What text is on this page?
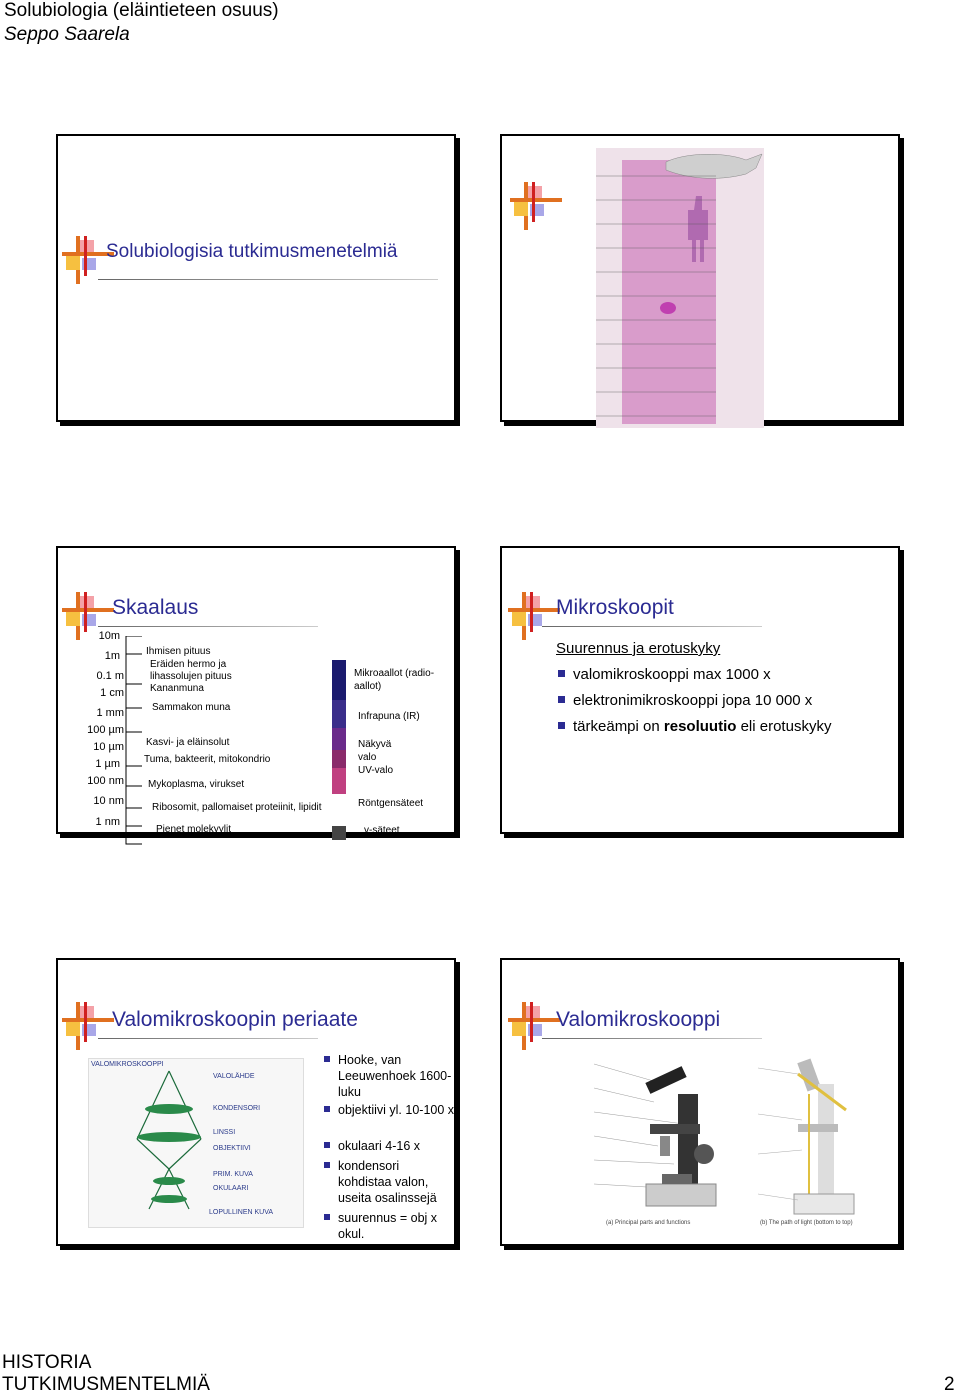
Solubiologia (eläintieteen osuus)
Seppo Saarela
Solubiologisia tutkimusmenetelmiä
Skaalaus
10m
1m
0.1 m
1 cm
1 mm
100 µm
10 µm
1 µm
100 nm
10 nm
1 nm
Ihmisen pituus
Eräiden hermo ja
lihassolujen pituus
Kananmuna
Sammakon muna
Kasvi- ja eläinsolut
Tuma, bakteerit, mitokondrio
Mykoplasma, virukset
Ribosomit, pallomaiset proteiinit, lipidit
Pienet molekyylit
Mikroaallot (radio-
aallot)
Infrapuna (IR)
Näkyvä
valo
UV-valo
Röntgensäteet
γ-säteet
Mikroskoopit
Suurennus ja erotuskyky
valomikroskooppi max 1000 x
elektronimikroskooppi jopa 10 000 x
tärkeämpi on resoluutio eli erotuskyky
Valomikroskoopin periaate
VALOMIKROSKOOPPI
VALOLÄHDE
KONDENSORI
LINSSI
OBJEKTIIVI
PRIM. KUVA
OKULAARI
LOPULLINEN KUVA
Hooke, van Leeuwenhoek 1600-luku
objektiivi yl. 10-100 x
okulaari 4-16 x
kondensori kohdistaa valon, useita osalinssejä
suurennus = obj x okul.
Valomikroskooppi
(a) Principal parts and functions	(b) The path of light (bottom to top)
HISTORIA
TUTKIMUSMENTELMIÄ	2
